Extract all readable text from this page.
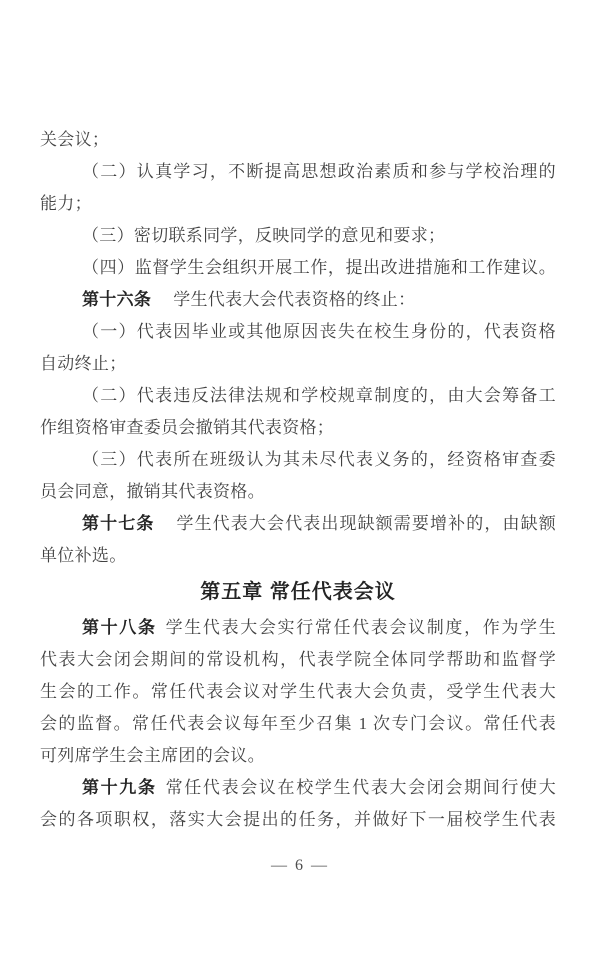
关会议；
（二）认真学习，不断提高思想政治素质和参与学校治理的
能力；
（三）密切联系同学，反映同学的意见和要求；
（四）监督学生会组织开展工作，提出改进措施和工作建议。
第十六条 学生代表大会代表资格的终止：
（一）代表因毕业或其他原因丧失在校生身份的，代表资格
自动终止；
（二）代表违反法律法规和学校规章制度的，由大会筹备工
作组资格审查委员会撤销其代表资格；
（三）代表所在班级认为其未尽代表义务的，经资格审查委
员会同意，撤销其代表资格。
第十七条 学生代表大会代表出现缺额需要增补的，由缺额
单位补选。
第五章 常任代表会议
第十八条 学生代表大会实行常任代表会议制度，作为学生
代表大会闭会期间的常设机构，代表学院全体同学帮助和监督学
生会的工作。常任代表会议对学生代表大会负责，受学生代表大
会的监督。常任代表会议每年至少召集 1 次专门会议。常任代表
可列席学生会主席团的会议。
第十九条 常任代表会议在校学生代表大会闭会期间行使大
会的各项职权，落实大会提出的任务，并做好下一届校学生代表
— 6 —
